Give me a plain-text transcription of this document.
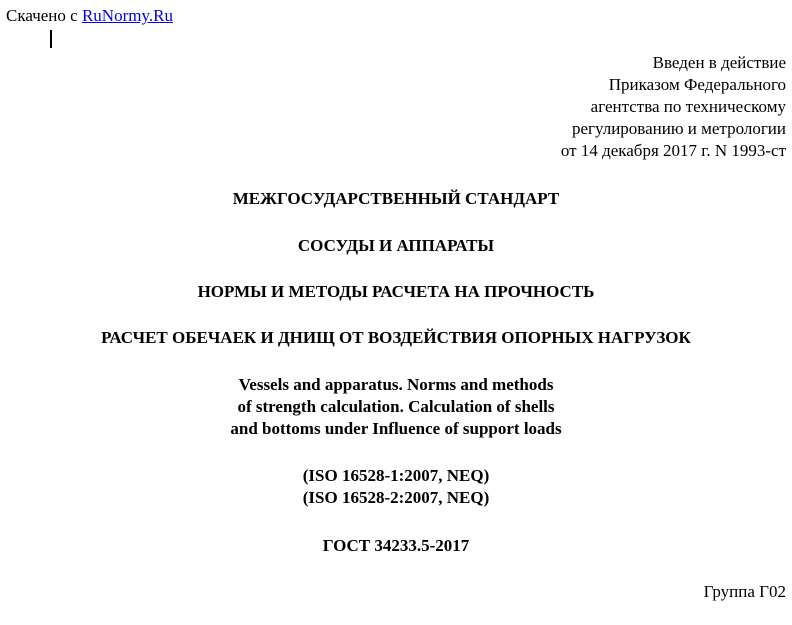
Скачено с RuNormy.Ru
Введен в действие
Приказом Федерального
агентства по техническому
регулированию и метрологии
от 14 декабря 2017 г. N 1993-ст
МЕЖГОСУДАРСТВЕННЫЙ СТАНДАРТ
СОСУДЫ И АППАРАТЫ
НОРМЫ И МЕТОДЫ РАСЧЕТА НА ПРОЧНОСТЬ
РАСЧЕТ ОБЕЧАЕК И ДНИЩ ОТ ВОЗДЕЙСТВИЯ ОПОРНЫХ НАГРУЗОК
Vessels and apparatus. Norms and methods
of strength calculation. Calculation of shells
and bottoms under Influence of support loads
(ISO 16528-1:2007, NEQ)
(ISO 16528-2:2007, NEQ)
ГОСТ 34233.5-2017
Группа Г02
